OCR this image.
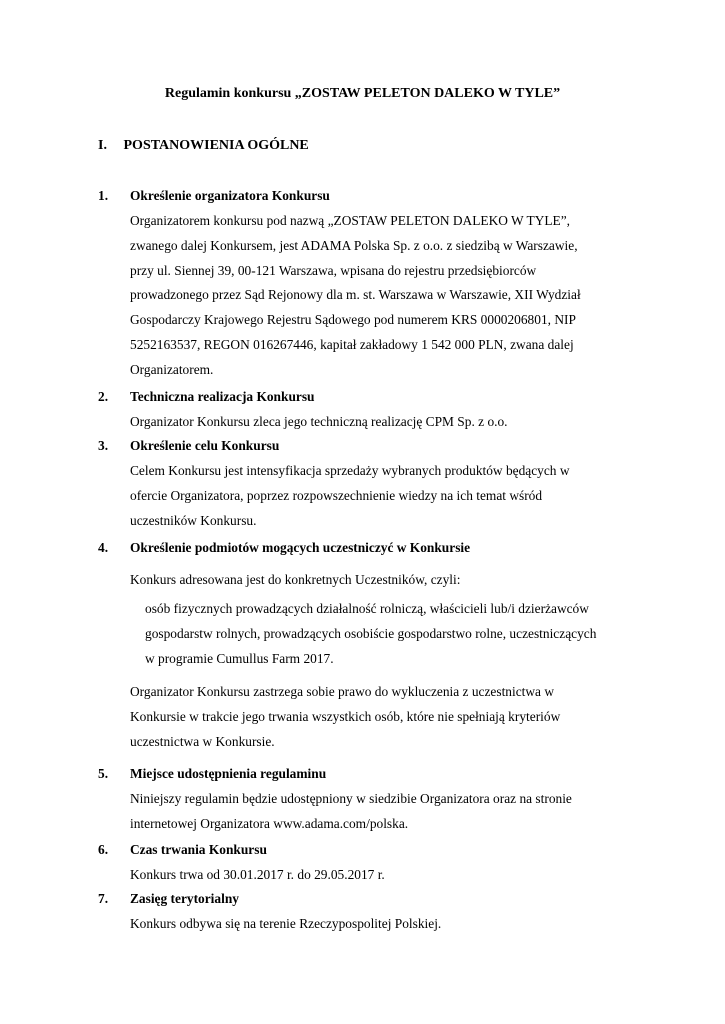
Regulamin konkursu „ZOSTAW PELETON DALEKO W TYLE”
I. POSTANOWIENIA OGÓLNE
1. Określenie organizatora Konkursu
Organizatorem konkursu pod nazwą „ZOSTAW PELETON DALEKO W TYLE”,
zwanego dalej Konkursem, jest ADAMA Polska Sp. z o.o. z siedzibą w Warszawie,
przy ul. Siennej 39, 00-121 Warszawa, wpisana do rejestru przedsiębiorców
prowadzonego przez Sąd Rejonowy dla m. st. Warszawa w Warszawie, XII Wydział
Gospodarczy Krajowego Rejestru Sądowego pod numerem KRS 0000206801, NIP
5252163537, REGON 016267446, kapitał zakładowy 1 542 000 PLN, zwana dalej
Organizatorem.
2. Techniczna realizacja Konkursu
Organizator Konkursu zleca jego techniczną realizację CPM Sp. z o.o.
3. Określenie celu Konkursu
Celem Konkursu jest intensyfikacja sprzedaży wybranych produktów będących w
ofercie Organizatora, poprzez rozpowszechnienie wiedzy na ich temat wśród
uczestników Konkursu.
4. Określenie podmiotów mogących uczestniczyć w Konkursie
Konkurs adresowana jest do konkretnych Uczestników, czyli:
osób fizycznych prowadzących działalność rolniczą, właścicieli lub/i dzierżawców
gospodarstw rolnych, prowadzących osobiście gospodarstwo rolne, uczestniczących
w programie Cumullus Farm 2017.
Organizator Konkursu zastrzega sobie prawo do wykluczenia z uczestnictwa w
Konkursie w trakcie jego trwania wszystkich osób, które nie spełniają kryteriów
uczestnictwa w Konkursie.
5. Miejsce udostępnienia regulaminu
Niniejszy regulamin będzie udostępniony w siedzibie Organizatora oraz na stronie
internetowej Organizatora www.adama.com/polska.
6. Czas trwania Konkursu
Konkurs trwa od 30.01.2017 r. do 29.05.2017 r.
7. Zasięg terytorialny
Konkurs odbywa się na terenie Rzeczypospolitej Polskiej.
